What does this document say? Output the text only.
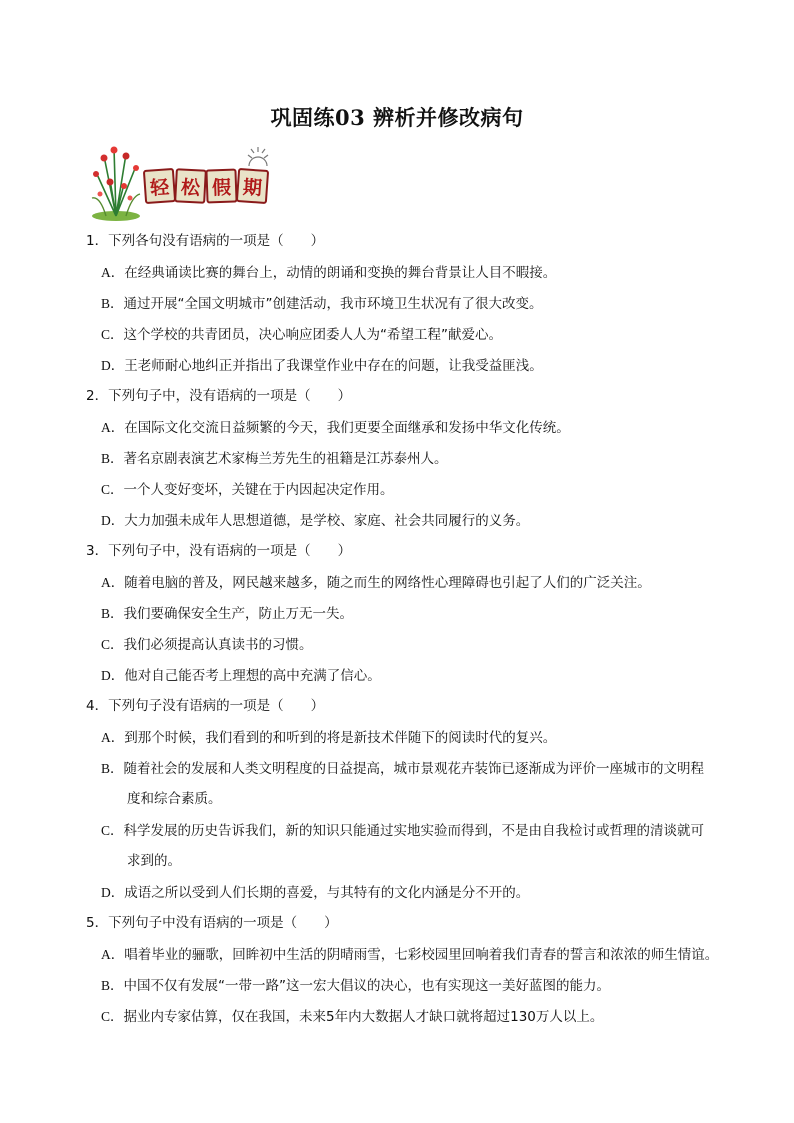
巩固练03 辨析并修改病句
轻 松 假 期
1．下列各句没有语病的一项是（　　）
A．在经典诵读比赛的舞台上，动情的朗诵和变换的舞台背景让人目不暇接。
B．通过开展“全国文明城市”创建活动，我市环境卫生状况有了很大改变。
C．这个学校的共青团员，决心响应团委人人为“希望工程”献爱心。
D．王老师耐心地纠正并指出了我课堂作业中存在的问题，让我受益匪浅。
2．下列句子中，没有语病的一项是（　　）
A．在国际文化交流日益频繁的今天，我们更要全面继承和发扬中华文化传统。
B．著名京剧表演艺术家梅兰芳先生的祖籍是江苏泰州人。
C．一个人变好变坏，关键在于内因起决定作用。
D．大力加强未成年人思想道德，是学校、家庭、社会共同履行的义务。
3．下列句子中，没有语病的一项是（　　）
A．随着电脑的普及，网民越来越多，随之而生的网络性心理障碍也引起了人们的广泛关注。
B．我们要确保安全生产，防止万无一失。
C．我们必须提高认真读书的习惯。
D．他对自己能否考上理想的高中充满了信心。
4．下列句子没有语病的一项是（　　）
A．到那个时候，我们看到的和听到的将是新技术伴随下的阅读时代的复兴。
B．随着社会的发展和人类文明程度的日益提高，城市景观花卉装饰已逐渐成为评价一座城市的文明程
度和综合素质。
C．科学发展的历史告诉我们，新的知识只能通过实地实验而得到，不是由自我检讨或哲理的清谈就可
求到的。
D．成语之所以受到人们长期的喜爱，与其特有的文化内涵是分不开的。
5．下列句子中没有语病的一项是（　　）
A．唱着毕业的骊歌，回眸初中生活的阴晴雨雪，七彩校园里回响着我们青春的誓言和浓浓的师生情谊。
B．中国不仅有发展“一带一路”这一宏大倡议的决心，也有实现这一美好蓝图的能力。
C．据业内专家估算，仅在我国，未来5年内大数据人才缺口就将超过130万人以上。
